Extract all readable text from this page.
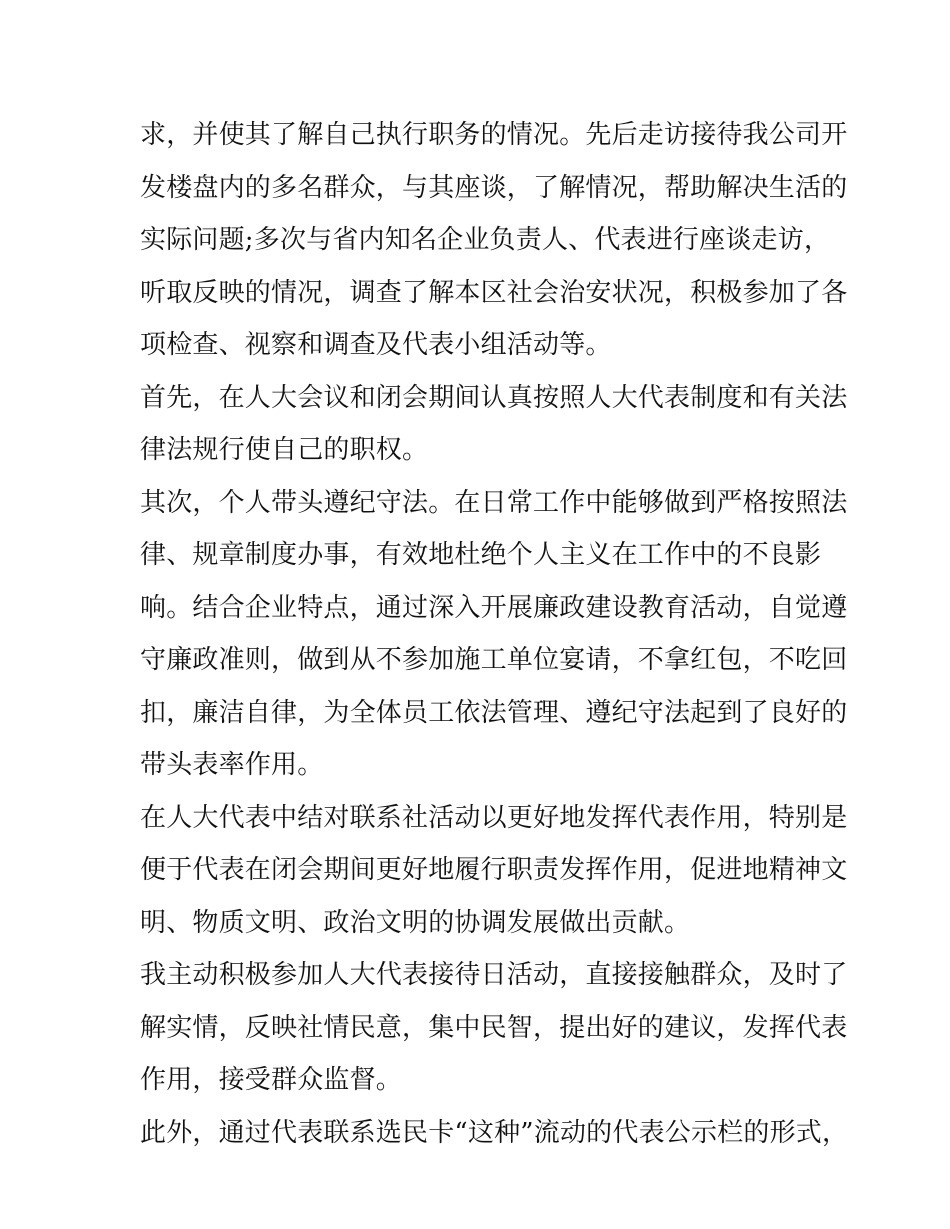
求，并使其了解自己执行职务的情况。先后走访接待我公司开
发楼盘内的多名群众，与其座谈，了解情况，帮助解决生活的
实际问题;多次与省内知名企业负责人、代表进行座谈走访，
听取反映的情况，调查了解本区社会治安状况，积极参加了各
项检查、视察和调查及代表小组活动等。
首先，在人大会议和闭会期间认真按照人大代表制度和有关法
律法规行使自己的职权。
其次，个人带头遵纪守法。在日常工作中能够做到严格按照法
律、规章制度办事，有效地杜绝个人主义在工作中的不良影
响。结合企业特点，通过深入开展廉政建设教育活动，自觉遵
守廉政准则，做到从不参加施工单位宴请，不拿红包，不吃回
扣，廉洁自律，为全体员工依法管理、遵纪守法起到了良好的
带头表率作用。
在人大代表中结对联系社活动以更好地发挥代表作用，特别是
便于代表在闭会期间更好地履行职责发挥作用，促进地精神文
明、物质文明、政治文明的协调发展做出贡献。
我主动积极参加人大代表接待日活动，直接接触群众，及时了
解实情，反映社情民意，集中民智，提出好的建议，发挥代表
作用，接受群众监督。
此外，通过代表联系选民卡“这种”流动的代表公示栏的形式，
